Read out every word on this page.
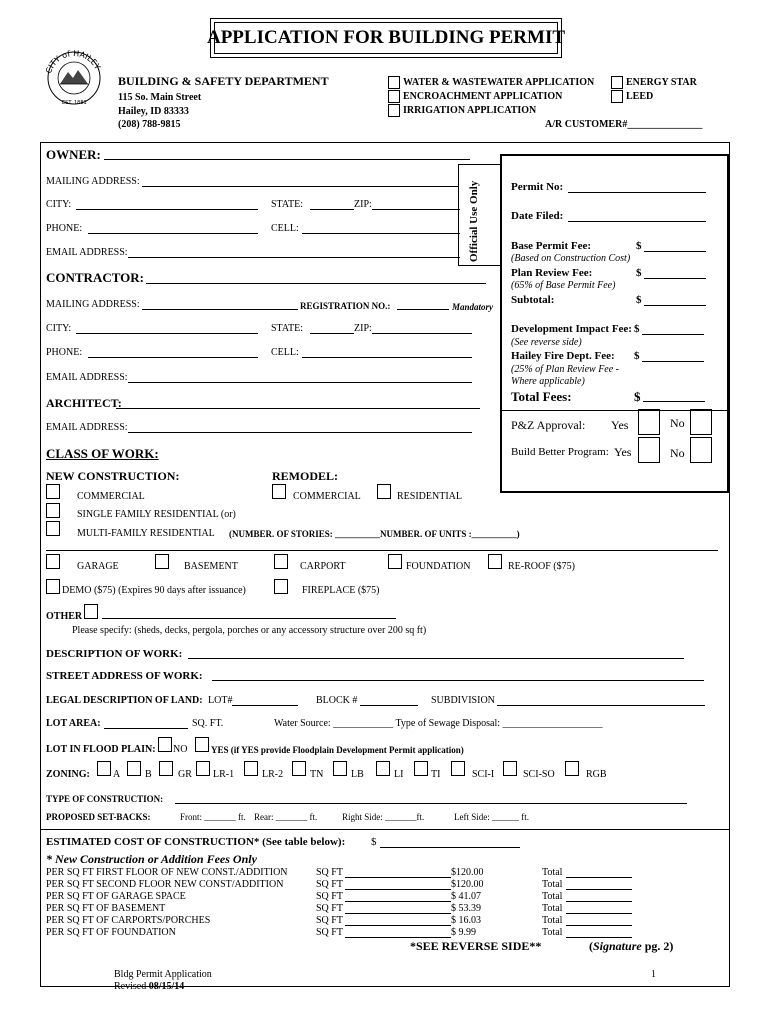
APPLICATION FOR BUILDING PERMIT
CITY of HAILEY
EST. 1881
BUILDING & SAFETY DEPARTMENT
115 So. Main Street
Hailey, ID 83333
(208) 788-9815
WATER & WASTEWATER APPLICATION
ENCROACHMENT APPLICATION
IRRIGATION APPLICATION
ENERGY STAR
LEED
A/R CUSTOMER#_______________
Official Use Only	Permit No:
Date Filed:
Base Permit Fee:	$
(Based on Construction Cost)
Plan Review Fee:	$
(65% of Base Permit Fee)
Subtotal:	$
Development Impact Fee: $
(See reverse side)
Hailey Fire Dept. Fee: $
(25% of Plan Review Fee -
Where applicable)
Total Fees:	$
P&Z Approval: Yes	No
Build Better Program: Yes	No
OWNER:
MAILING ADDRESS:
CITY:	STATE:	ZIP:
PHONE:	CELL:
EMAIL ADDRESS:
CONTRACTOR:
MAILING ADDRESS:	REGISTRATION NO.:	Mandatory
CITY:	STATE:	ZIP:
PHONE:	CELL:
EMAIL ADDRESS:
ARCHITECT:
EMAIL ADDRESS:
CLASS OF WORK:
NEW CONSTRUCTION:	REMODEL:
COMMERCIAL	COMMERCIAL	RESIDENTIAL
SINGLE FAMILY RESIDENTIAL (or)
MULTI-FAMILY RESIDENTIAL (NUMBER. OF STORIES: __________NUMBER. OF UNITS :__________)
GARAGE	BASEMENT	CARPORT	FOUNDATION	RE-ROOF ($75)
DEMO ($75) (Expires 90 days after issuance)	FIREPLACE ($75)
OTHER
Please specify: (sheds, decks, pergola, porches or any accessory structure over 200 sq ft)
DESCRIPTION OF WORK:
STREET ADDRESS OF WORK:
LEGAL DESCRIPTION OF LAND: LOT#	BLOCK #	SUBDIVISION
LOT AREA:	SQ. FT.	Water Source: ____________ Type of Sewage Disposal: ____________________
LOT IN FLOOD PLAIN: NO	YES (if YES provide Floodplain Development Permit application)
ZONING: A B	GR LR-1	LR-2	TN	LB	LI	TI	SCI-I	SCI-SO	RGB
TYPE OF CONSTRUCTION:
PROPOSED SET-BACKS:	Front: _______ ft. Rear: _______ ft.	Right Side: _______ft.	Left Side: ______ ft.
ESTIMATED COST OF CONSTRUCTION* (See table below): $
* New Construction or Addition Fees Only
PER SQ FT FIRST FLOOR OF NEW CONST./ADDITION	SQ FT	$120.00	Total
PER SQ FT SECOND FLOOR NEW CONST/ADDITION	SQ FT	$120.00	Total
PER SQ FT OF GARAGE SPACE	SQ FT	$ 41.07	Total
PER SQ FT OF BASEMENT	SQ FT	$ 53.39	Total
PER SQ FT OF CARPORTS/PORCHES	SQ FT	$ 16.03	Total
PER SQ FT OF FOUNDATION	SQ FT	$ 9.99	Total
*SEE REVERSE SIDE**	(Signature pg. 2)
Bldg Permit Application
Revised 08/15/14
1
